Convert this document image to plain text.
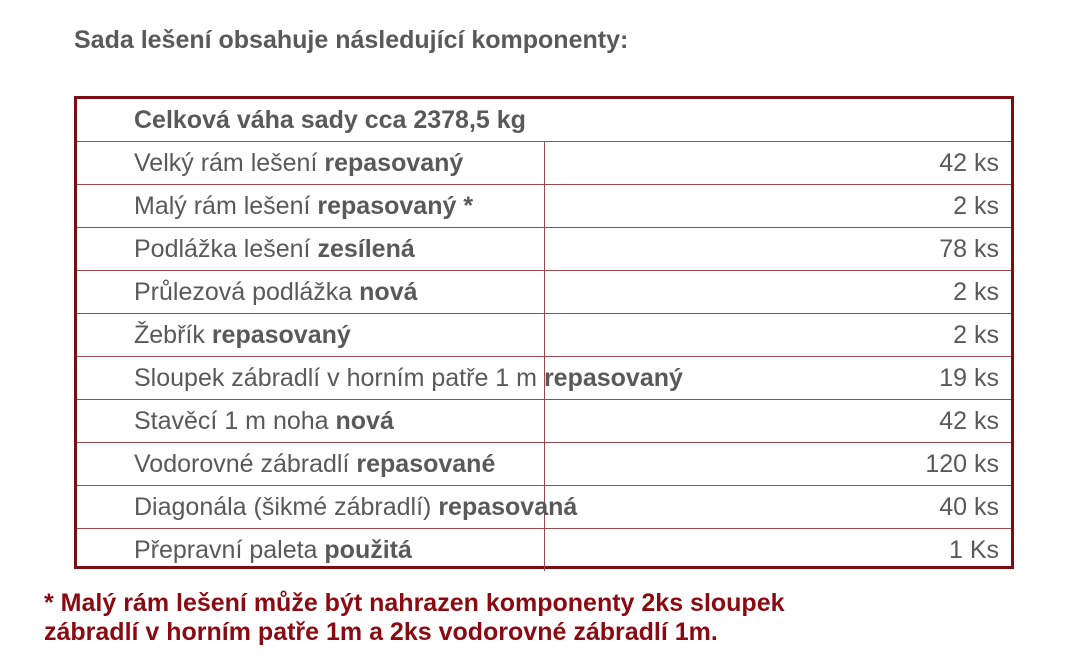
Sada lešení obsahuje následující komponenty:
Celková váha sady cca 2378,5 kg	
Velký rám lešení repasovaný	42 ks
Malý rám lešení repasovaný *	2 ks
Podlážka lešení zesílená	78 ks
Průlezová podlážka nová	2 ks
Žebřík repasovaný	2 ks
Sloupek zábradlí v horním patře 1 m repasovaný	19 ks
Stavěcí 1 m noha nová	42 ks
Vodorovné zábradlí repasované	120 ks
Diagonála (šikmé zábradlí) repasovaná	40 ks
Přepravní paleta použitá	1 Ks

* Malý rám lešení může být nahrazen komponenty 2ks sloupek
zábradlí v horním patře 1m a 2ks vodorovné zábradlí 1m.
